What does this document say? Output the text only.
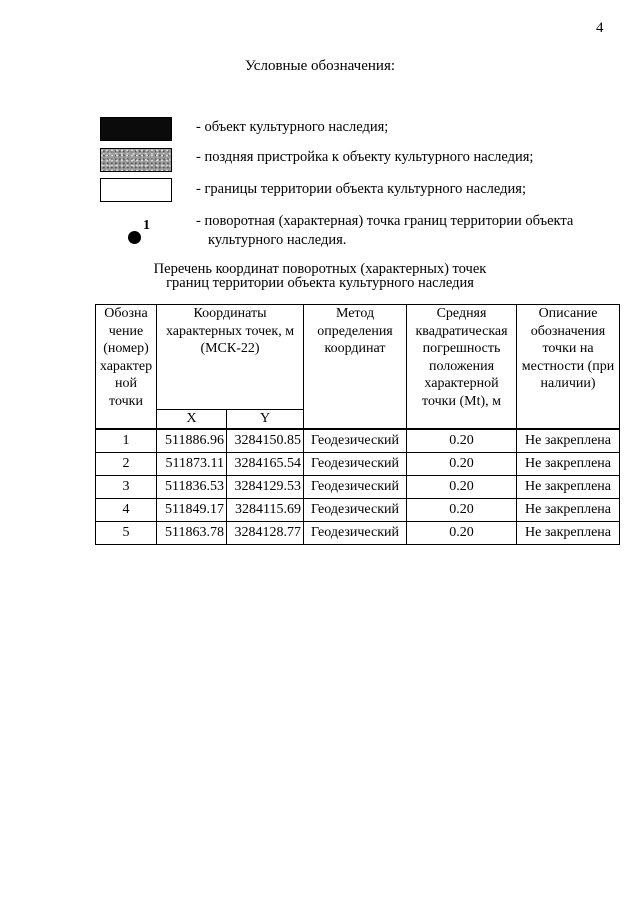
4
Условные обозначения:
1
- объект культурного наследия;
- поздняя пристройка к объекту культурного наследия;
- границы территории объекта культурного наследия;
- поворотная (характерная) точка границ территории объекта
культурного наследия.
Перечень координат поворотных (характерных) точек
границ территории объекта культурного наследия
Обозна чение (номер) характер ной точки	Координаты характерных точек, м (МСК-22)		Метод определения координат	Средняя квадратическая погрешность положения характерной точки (Mt), м	Описание обозначения точки на местности (при наличии)
	X	Y			
1	511886.96	3284150.85	Геодезический	0.20	Не закреплена
2	511873.11	3284165.54	Геодезический	0.20	Не закреплена
3	511836.53	3284129.53	Геодезический	0.20	Не закреплена
4	511849.17	3284115.69	Геодезический	0.20	Не закреплена
5	511863.78	3284128.77	Геодезический	0.20	Не закреплена
